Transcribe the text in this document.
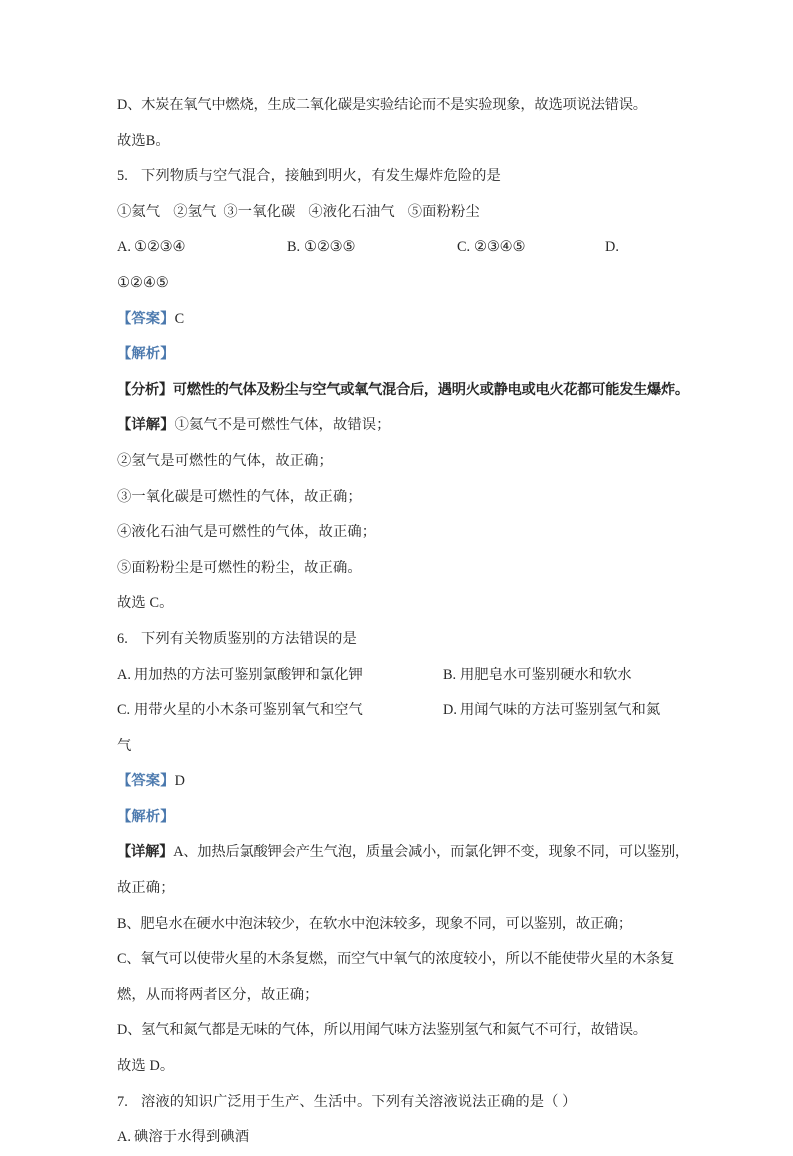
D、木炭在氧气中燃烧，生成二氧化碳是实验结论而不是实验现象，故选项说法错误。
故选B。
5. 下列物质与空气混合，接触到明火，有发生爆炸危险的是
①氦气 ②氢气 ③一氧化碳 ④液化石油气 ⑤面粉粉尘
A. ①②③④	B. ①②③⑤	C. ②③④⑤	D.
①②④⑤
【答案】C
【解析】
【分析】可燃性的气体及粉尘与空气或氧气混合后，遇明火或静电或电火花都可能发生爆炸。
【详解】①氦气不是可燃性气体，故错误；
②氢气是可燃性的气体，故正确；
③一氧化碳是可燃性的气体，故正确；
④液化石油气是可燃性的气体，故正确；
⑤面粉粉尘是可燃性的粉尘，故正确。
故选 C。
6. 下列有关物质鉴别的方法错误的是
A. 用加热的方法可鉴别氯酸钾和氯化钾	B. 用肥皂水可鉴别硬水和软水
C. 用带火星的小木条可鉴别氧气和空气	D. 用闻气味的方法可鉴别氢气和氮
气
【答案】D
【解析】
【详解】A、加热后氯酸钾会产生气泡，质量会减小，而氯化钾不变，现象不同，可以鉴别，
故正确；
B、肥皂水在硬水中泡沫较少，在软水中泡沫较多，现象不同，可以鉴别，故正确；
C、氧气可以使带火星的木条复燃，而空气中氧气的浓度较小，所以不能使带火星的木条复
燃，从而将两者区分，故正确；
D、氢气和氮气都是无味的气体，所以用闻气味方法鉴别氢气和氮气不可行，故错误。
故选 D。
7. 溶液的知识广泛用于生产、生活中。下列有关溶液说法正确的是（ ）
A. 碘溶于水得到碘酒
